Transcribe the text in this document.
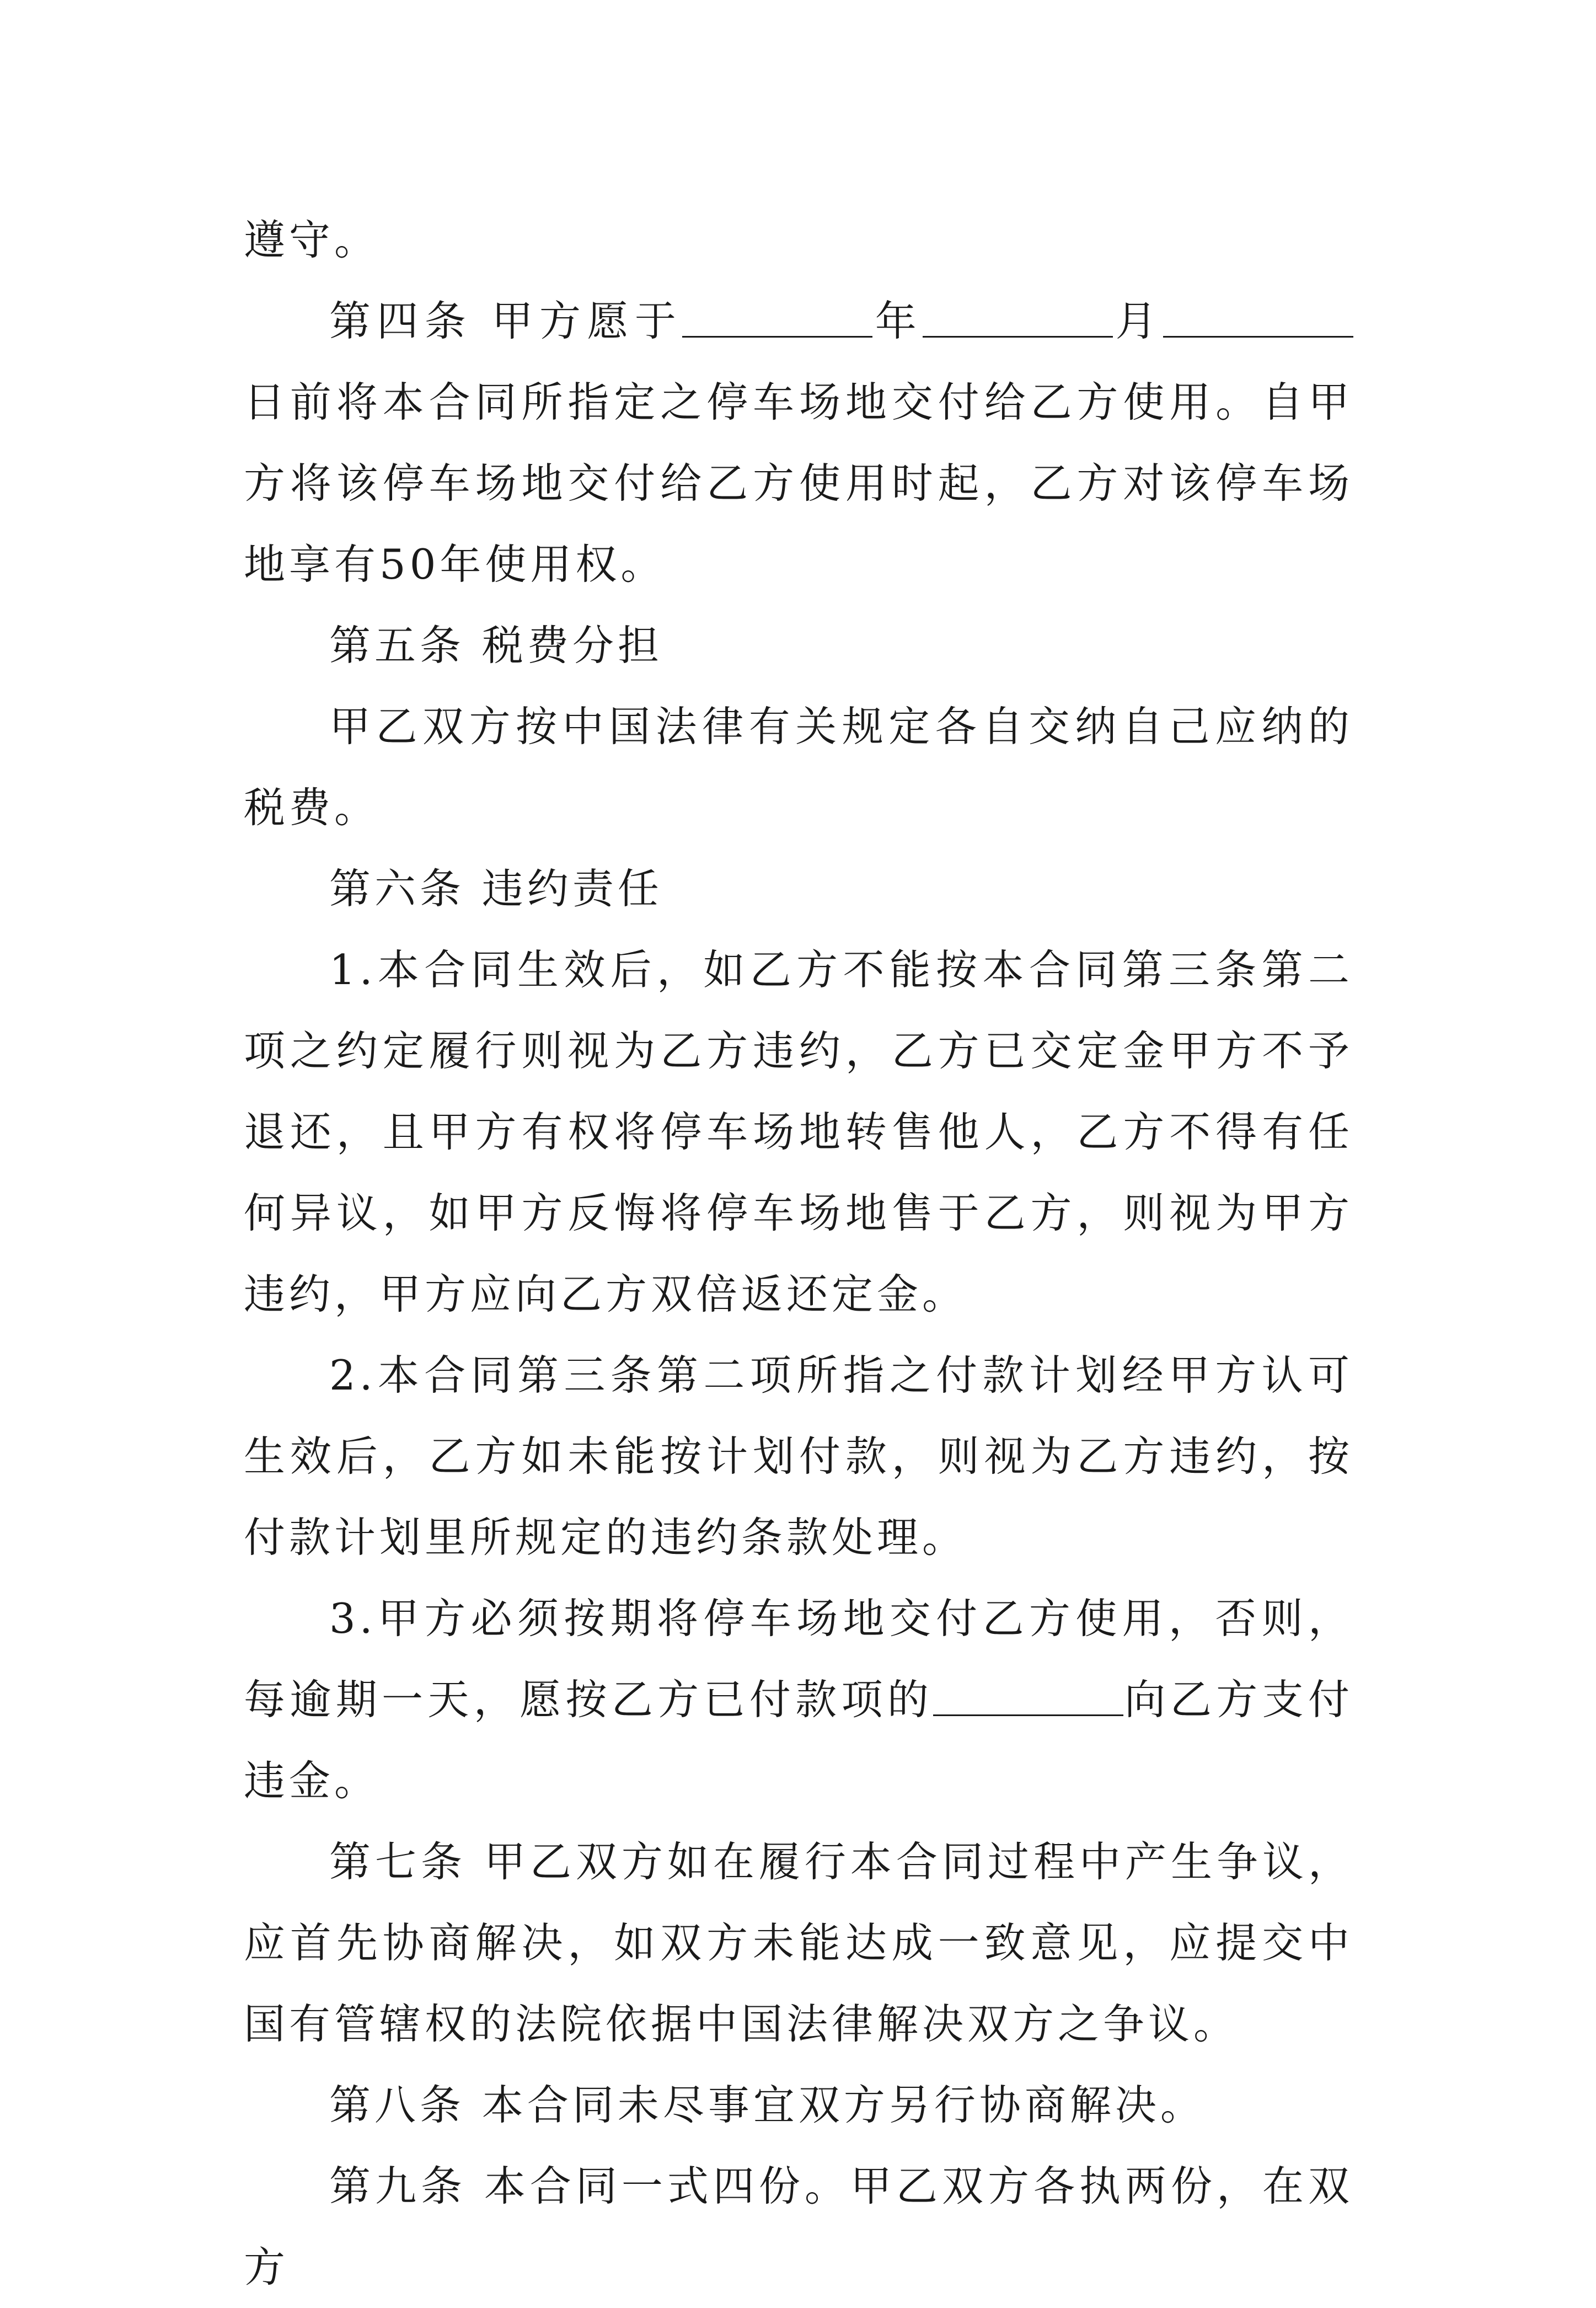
遵守。

第四条 甲方愿于	年	月日前将本合同所指定之停车场地交付给乙方使用。自甲方将该停车场地交付给乙方使用时起，乙方对该停车场地享有50年使用权。

第五条 税费分担

甲乙双方按中国法律有关规定各自交纳自己应纳的税费。

第六条 违约责任

1.本合同生效后，如乙方不能按本合同第三条第二项之约定履行则视为乙方违约，乙方已交定金甲方不予退还，且甲方有权将停车场地转售他人，乙方不得有任何异议，如甲方反悔将停车场地售于乙方，则视为甲方违约，甲方应向乙方双倍返还定金。

2.本合同第三条第二项所指之付款计划经甲方认可生效后，乙方如未能按计划付款，则视为乙方违约，按付款计划里所规定的违约条款处理。

3.甲方必须按期将停车场地交付乙方使用，否则，每逾期一天，愿按乙方已付款项的	向乙方支付违金。

第七条 甲乙双方如在履行本合同过程中产生争议，应首先协商解决，如双方未能达成一致意见，应提交中国有管辖权的法院依据中国法律解决双方之争议。

第八条 本合同未尽事宜双方另行协商解决。

第九条 本合同一式四份。甲乙双方各执两份，在双方
